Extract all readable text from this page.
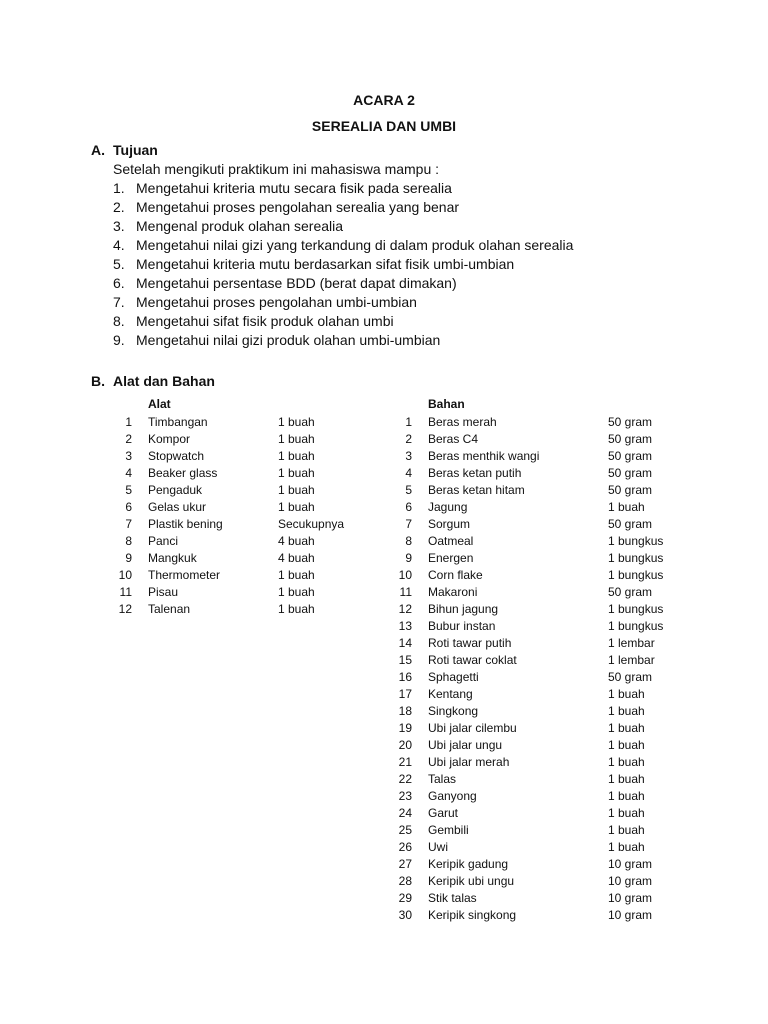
ACARA 2
SEREALIA DAN UMBI
A. Tujuan
Setelah mengikuti praktikum ini mahasiswa mampu :
1. Mengetahui kriteria mutu secara fisik pada serealia
2. Mengetahui proses pengolahan serealia yang benar
3. Mengenal produk olahan serealia
4. Mengetahui nilai gizi yang terkandung di dalam produk olahan serealia
5. Mengetahui kriteria mutu berdasarkan sifat fisik umbi-umbian
6. Mengetahui persentase BDD (berat dapat dimakan)
7. Mengetahui proses pengolahan umbi-umbian
8. Mengetahui sifat fisik produk olahan umbi
9. Mengetahui nilai gizi produk olahan umbi-umbian
B. Alat dan Bahan
Alat	Bahan
1 Timbangan	1 buah
2 Kompor	1 buah
3 Stopwatch	1 buah
4 Beaker glass	1 buah
5 Pengaduk	1 buah
6 Gelas ukur	1 buah
7 Plastik bening	Secukupnya
8 Panci	4 buah
9 Mangkuk	4 buah
10 Thermometer	1 buah
11 Pisau	1 buah
12 Talenan	1 buah
1 Beras merah	50 gram
2 Beras C4	50 gram
3 Beras menthik wangi	50 gram
4 Beras ketan putih	50 gram
5 Beras ketan hitam	50 gram
6 Jagung	1 buah
7 Sorgum	50 gram
8 Oatmeal	1 bungkus
9 Energen	1 bungkus
10 Corn flake	1 bungkus
11 Makaroni	50 gram
12 Bihun jagung	1 bungkus
13 Bubur instan	1 bungkus
14 Roti tawar putih	1 lembar
15 Roti tawar coklat	1 lembar
16 Sphagetti	50 gram
17 Kentang	1 buah
18 Singkong	1 buah
19 Ubi jalar cilembu	1 buah
20 Ubi jalar ungu	1 buah
21 Ubi jalar merah	1 buah
22 Talas	1 buah
23 Ganyong	1 buah
24 Garut	1 buah
25 Gembili	1 buah
26 Uwi	1 buah
27 Keripik gadung	10 gram
28 Keripik ubi ungu	10 gram
29 Stik talas	10 gram
30 Keripik singkong	10 gram
